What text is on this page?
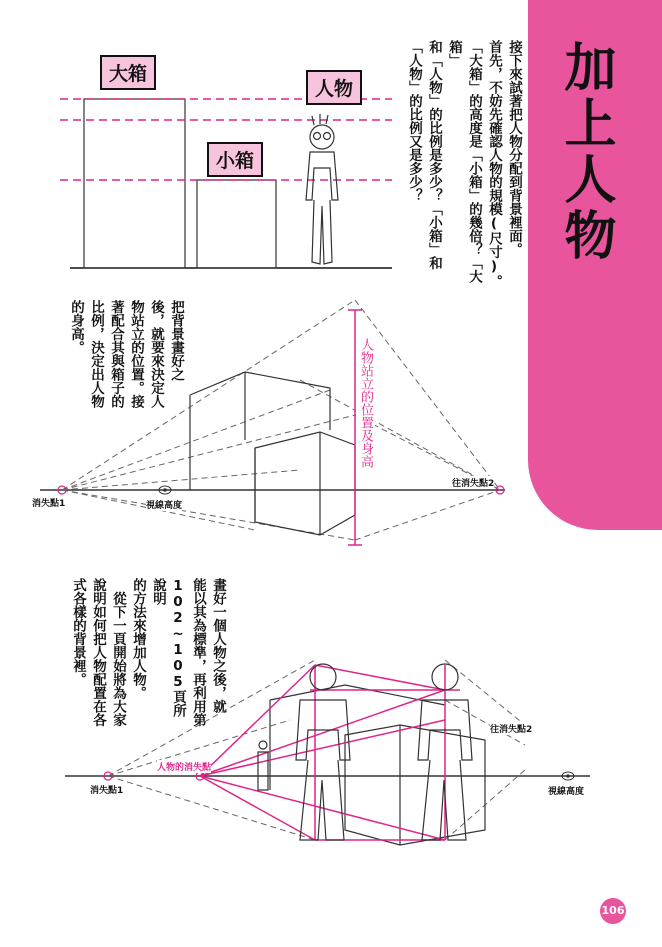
加上人物
接下來試著把人物分配到背景裡面。
首先，不妨先確認人物的規模(尺寸)。
「大箱」的高度是「小箱」的幾倍？「大箱」
和「人物」的比例是多少？「小箱」和
「人物」的比例又是多少？
大箱
小箱
人物
把背景畫好之
後，就要來決定人
物站立的位置。接
著配合其與箱子的
比例，決定出人物
的身高。
人物站立的位置及身高
消失點1	視線高度
往消失點2
畫好一個人物之後，就
能以其為標準，再利用第
102~105頁所說明
的方法來增加人物。
　從下一頁開始將為大家
說明如何把人物配置在各
式各樣的背景裡。
人物的消失點
消失點1	視線高度
往消失點2
106
